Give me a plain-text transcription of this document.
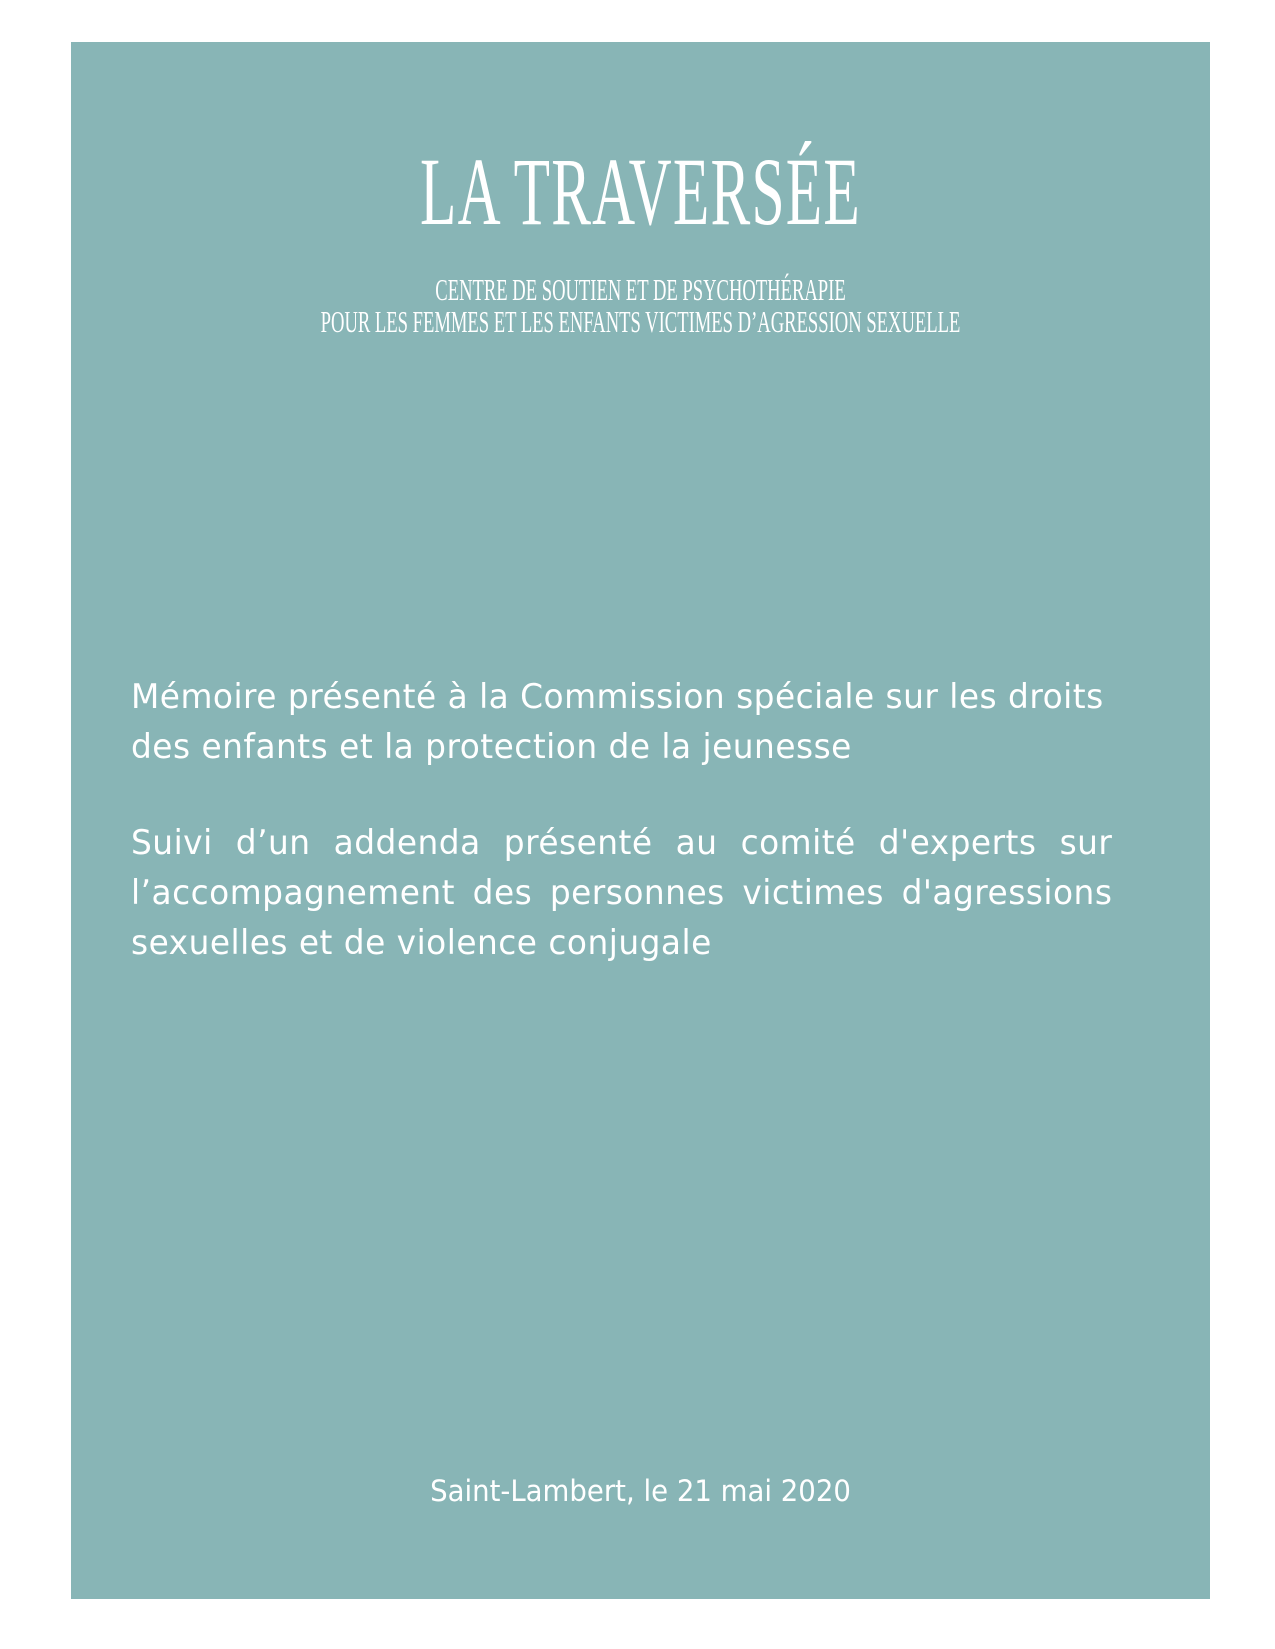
LA TRAVERSÉE
CENTRE DE SOUTIEN ET DE PSYCHOTHÉRAPIE
POUR LES FEMMES ET LES ENFANTS VICTIMES D’AGRESSION SEXUELLE
Mémoire présenté à la Commission spéciale sur les droits des enfants et la protection de la jeunesse
Suivi d’un addenda présenté au comité d'experts sur l’accompagnement des personnes victimes d'agressions sexuelles et de violence conjugale
Saint-Lambert, le 21 mai 2020
